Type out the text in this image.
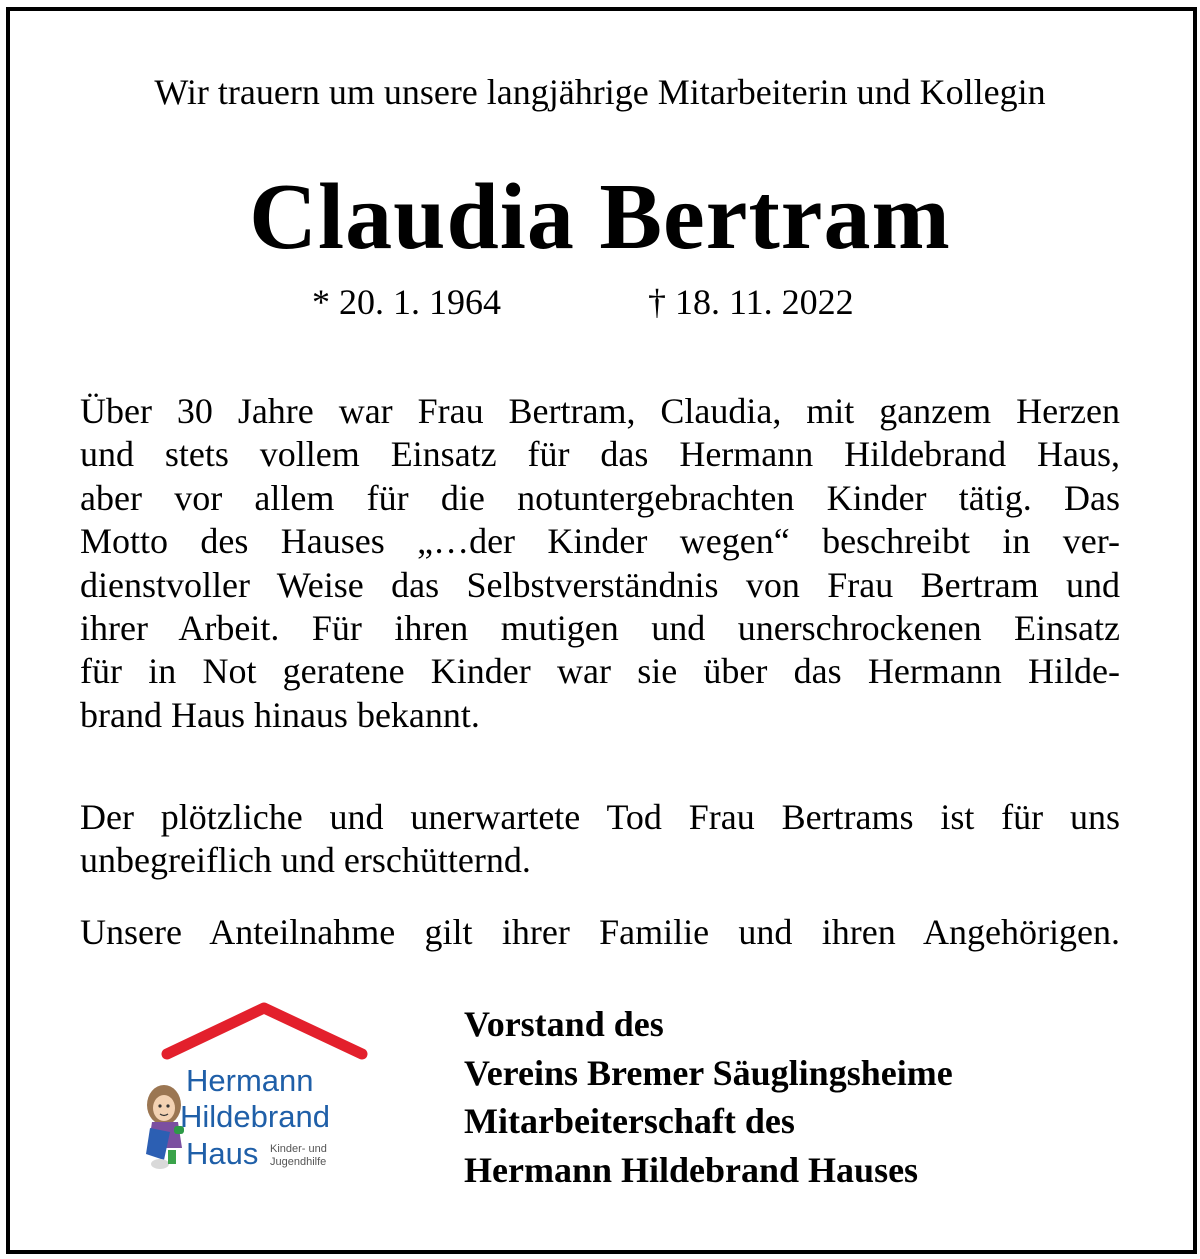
Wir trauern um unsere langjährige Mitarbeiterin und Kollegin
Claudia Bertram
* 20. 1. 1964	† 18. 11. 2022
Über 30 Jahre war Frau Bertram, Claudia, mit ganzem Herzen
und stets vollem Einsatz für das Hermann Hildebrand Haus,
aber vor allem für die notuntergebrachten Kinder tätig. Das
Motto des Hauses „…der Kinder wegen“ beschreibt in ver-
dienstvoller Weise das Selbstverständnis von Frau Bertram und
ihrer Arbeit. Für ihren mutigen und unerschrockenen Einsatz
für in Not geratene Kinder war sie über das Hermann Hilde-
brand Haus hinaus bekannt.
Der plötzliche und unerwartete Tod Frau Bertrams ist für uns
unbegreiflich und erschütternd.
Unsere Anteilnahme gilt ihrer Familie und ihren Angehörigen.
Hermann
Hildebrand
Haus Kinder- und
Jugendhilfe
Vorstand des
Vereins Bremer Säuglingsheime
Mitarbeiterschaft des
Hermann Hildebrand Hauses
